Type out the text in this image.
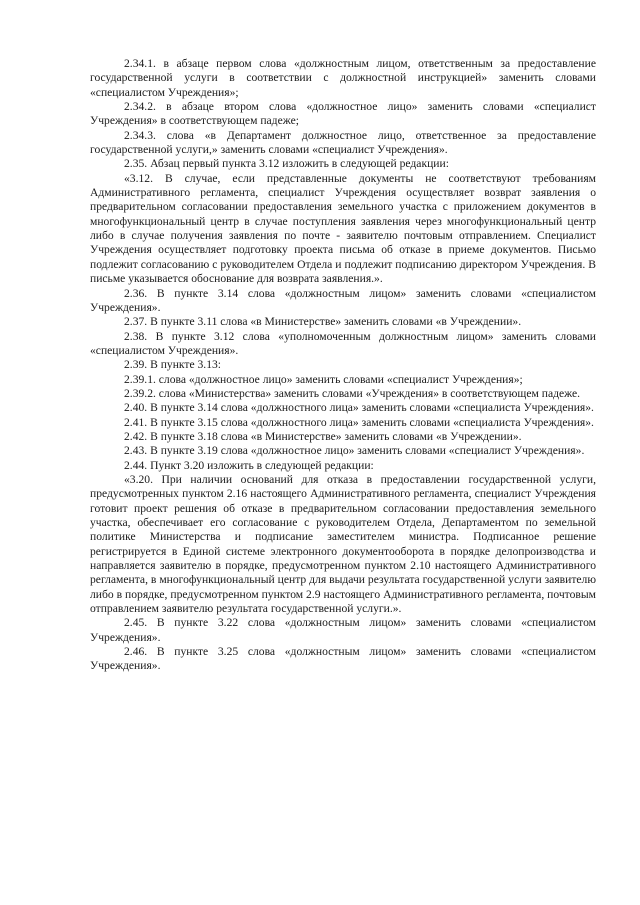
2.34.1. в абзаце первом слова «должностным лицом, ответственным за предоставление государственной услуги в соответствии с должностной инструкцией» заменить словами «специалистом Учреждения»;

2.34.2. в абзаце втором слова «должностное лицо» заменить словами «специалист Учреждения» в соответствующем падеже;

2.34.3. слова «в Департамент должностное лицо, ответственное за предоставление государственной услуги,» заменить словами «специалист Учреждения».

2.35. Абзац первый пункта 3.12 изложить в следующей редакции:

«3.12. В случае, если представленные документы не соответствуют требованиям Административного регламента, специалист Учреждения осуществляет возврат заявления о предварительном согласовании предоставления земельного участка с приложением документов в многофункциональный центр в случае поступления заявления через многофункциональный центр либо в случае получения заявления по почте - заявителю почтовым отправлением. Специалист Учреждения осуществляет подготовку проекта письма об отказе в приеме документов. Письмо подлежит согласованию с руководителем Отдела и подлежит подписанию директором Учреждения. В письме указывается обоснование для возврата заявления.».

2.36. В пункте 3.14 слова «должностным лицом» заменить словами «специалистом Учреждения».

2.37. В пункте 3.11 слова «в Министерстве» заменить словами «в Учреждении».

2.38. В пункте 3.12 слова «уполномоченным должностным лицом» заменить словами «специалистом Учреждения».

2.39. В пункте 3.13:

2.39.1. слова «должностное лицо» заменить словами «специалист Учреждения»;

2.39.2. слова «Министерства» заменить словами «Учреждения» в соответствующем падеже.

2.40. В пункте 3.14 слова «должностного лица» заменить словами «специалиста Учреждения».

2.41. В пункте 3.15 слова «должностного лица» заменить словами «специалиста Учреждения».

2.42. В пункте 3.18 слова «в Министерстве» заменить словами «в Учреждении».

2.43. В пункте 3.19 слова «должностное лицо» заменить словами «специалист Учреждения».

2.44. Пункт 3.20 изложить в следующей редакции:

«3.20. При наличии оснований для отказа в предоставлении государственной услуги, предусмотренных пунктом 2.16 настоящего Административного регламента, специалист Учреждения готовит проект решения об отказе в предварительном согласовании предоставления земельного участка, обеспечивает его согласование с руководителем Отдела, Департаментом по земельной политике Министерства и подписание заместителем министра. Подписанное решение регистрируется в Единой системе электронного документооборота в порядке делопроизводства и направляется заявителю в порядке, предусмотренном пунктом 2.10 настоящего Административного регламента, в многофункциональный центр для выдачи результата государственной услуги заявителю либо в порядке, предусмотренном пунктом 2.9 настоящего Административного регламента, почтовым отправлением заявителю результата государственной услуги.».

2.45. В пункте 3.22 слова «должностным лицом» заменить словами «специалистом Учреждения».

2.46. В пункте 3.25 слова «должностным лицом» заменить словами «специалистом Учреждения».
